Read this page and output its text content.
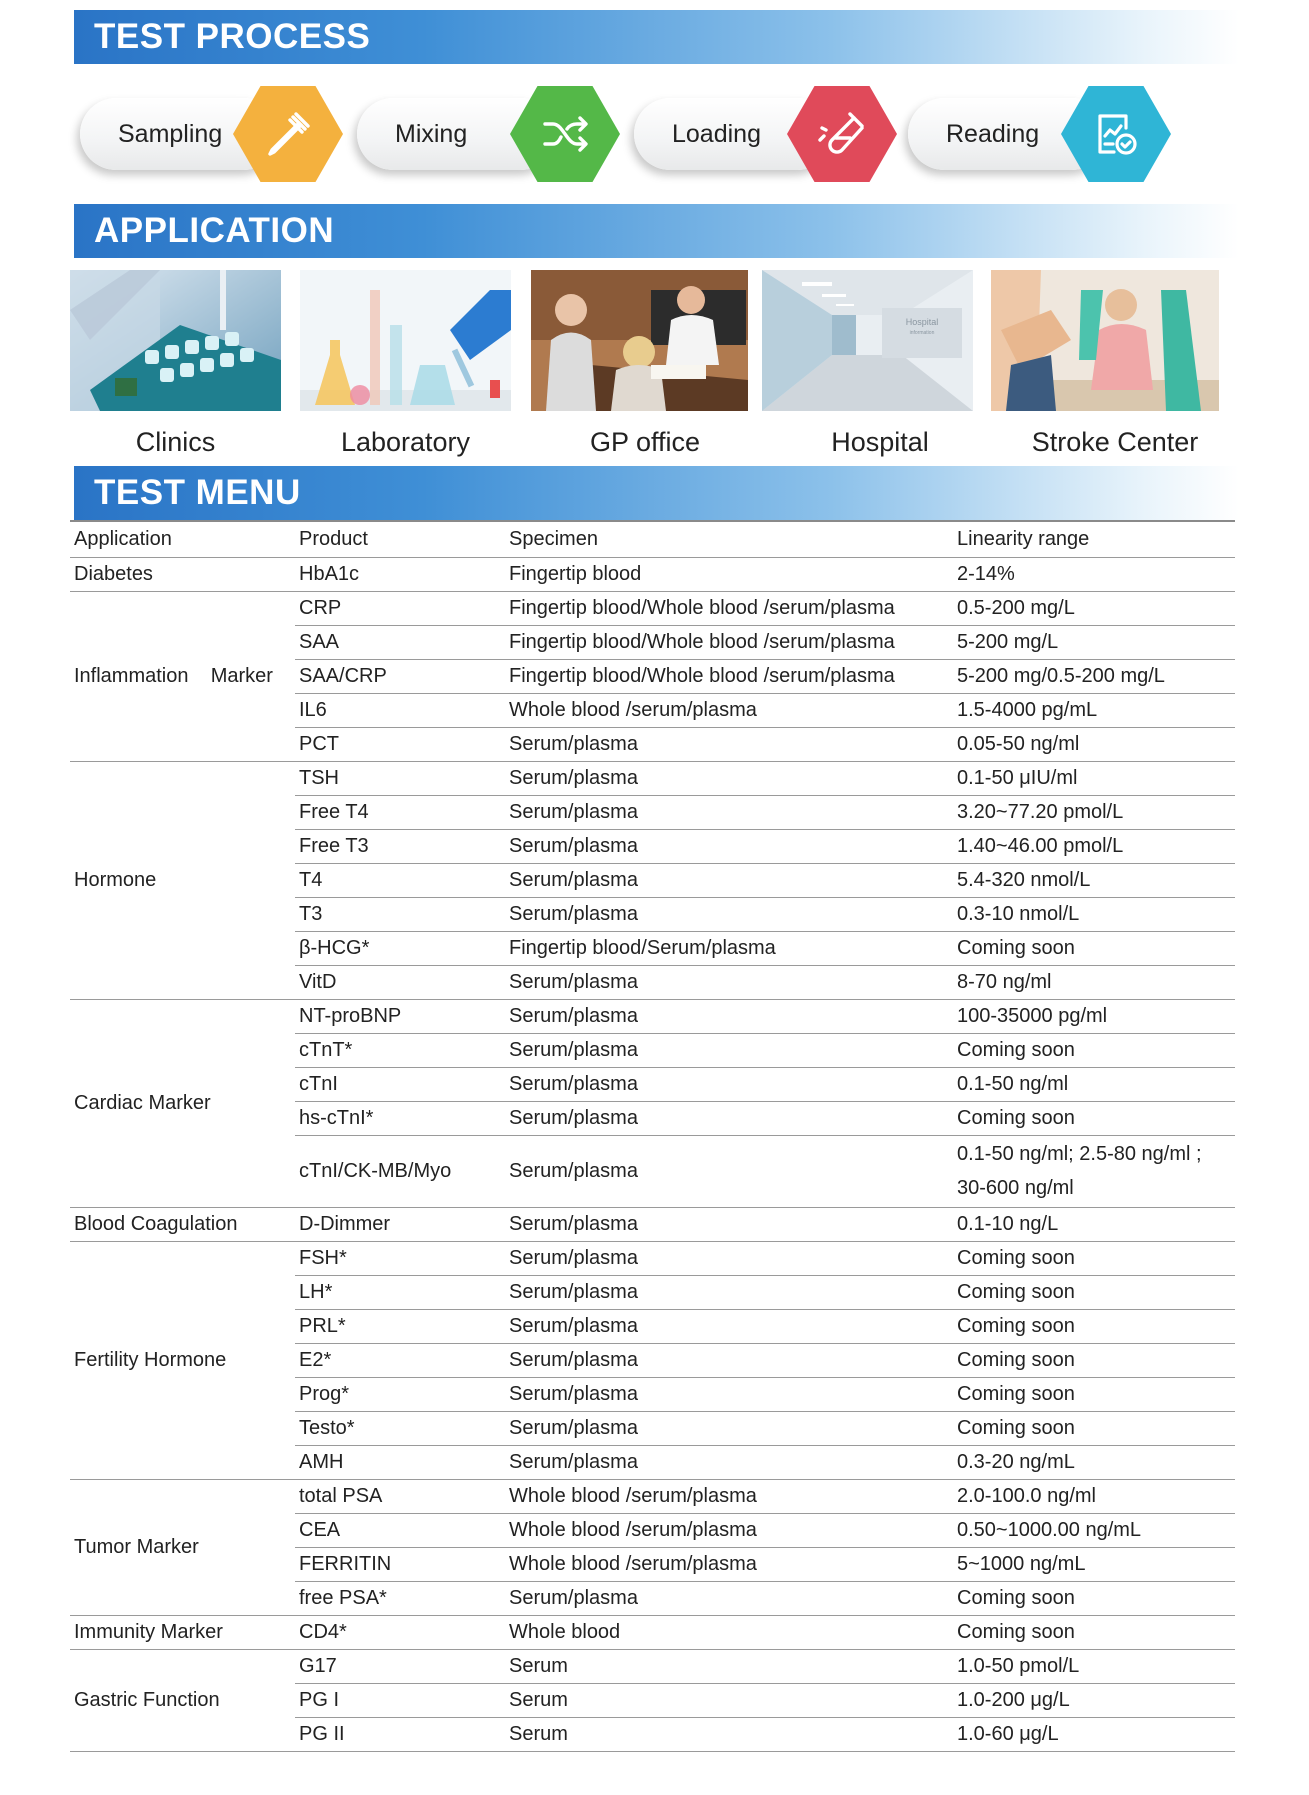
TEST PROCESS
Sampling	Mixing	Loading	Reading
APPLICATION
Clinics	Laboratory	GP office
Hospital
information
Hospital	Stroke Center
TEST MENU
Application	Product	Specimen	Linearity range
Diabetes	HbA1c	Fingertip blood	2-14%
Inflammation    Marker	CRP	Fingertip blood/Whole blood /serum/plasma	0.5-200 mg/L
	SAA	Fingertip blood/Whole blood /serum/plasma	5-200 mg/L
	SAA/CRP	Fingertip blood/Whole blood /serum/plasma	5-200 mg/0.5-200 mg/L
	IL6	Whole blood /serum/plasma	1.5-4000 pg/mL
	PCT	Serum/plasma	0.05-50 ng/ml
Hormone	TSH	Serum/plasma	0.1-50 μIU/ml
	Free T4	Serum/plasma	3.20~77.20 pmol/L
	Free T3	Serum/plasma	1.40~46.00 pmol/L
	T4	Serum/plasma	5.4-320 nmol/L
	T3	Serum/plasma	0.3-10 nmol/L
	β-HCG*	Fingertip blood/Serum/plasma	Coming soon
	VitD	Serum/plasma	8-70 ng/ml
Cardiac Marker	NT-proBNP	Serum/plasma	100-35000 pg/ml
	cTnT*	Serum/plasma	Coming soon
	cTnI	Serum/plasma	0.1-50 ng/ml
	hs-cTnI*	Serum/plasma	Coming soon
	cTnI/CK-MB/Myo	Serum/plasma	0.1-50 ng/ml; 2.5-80 ng/ml ; 30-600 ng/ml
Blood Coagulation	D-Dimmer	Serum/plasma	0.1-10 ng/L
Fertility Hormone	FSH*	Serum/plasma	Coming soon
	LH*	Serum/plasma	Coming soon
	PRL*	Serum/plasma	Coming soon
	E2*	Serum/plasma	Coming soon
	Prog*	Serum/plasma	Coming soon
	Testo*	Serum/plasma	Coming soon
	AMH	Serum/plasma	0.3-20 ng/mL
Tumor Marker	total PSA	Whole blood /serum/plasma	2.0-100.0 ng/ml
	CEA	Whole blood /serum/plasma	0.50~1000.00 ng/mL
	FERRITIN	Whole blood /serum/plasma	5~1000 ng/mL
	free PSA*	Serum/plasma	Coming soon
Immunity Marker	CD4*	Whole blood	Coming soon
Gastric Function	G17	Serum	1.0-50 pmol/L
	PG I	Serum	1.0-200 μg/L
	PG II	Serum	1.0-60 μg/L
